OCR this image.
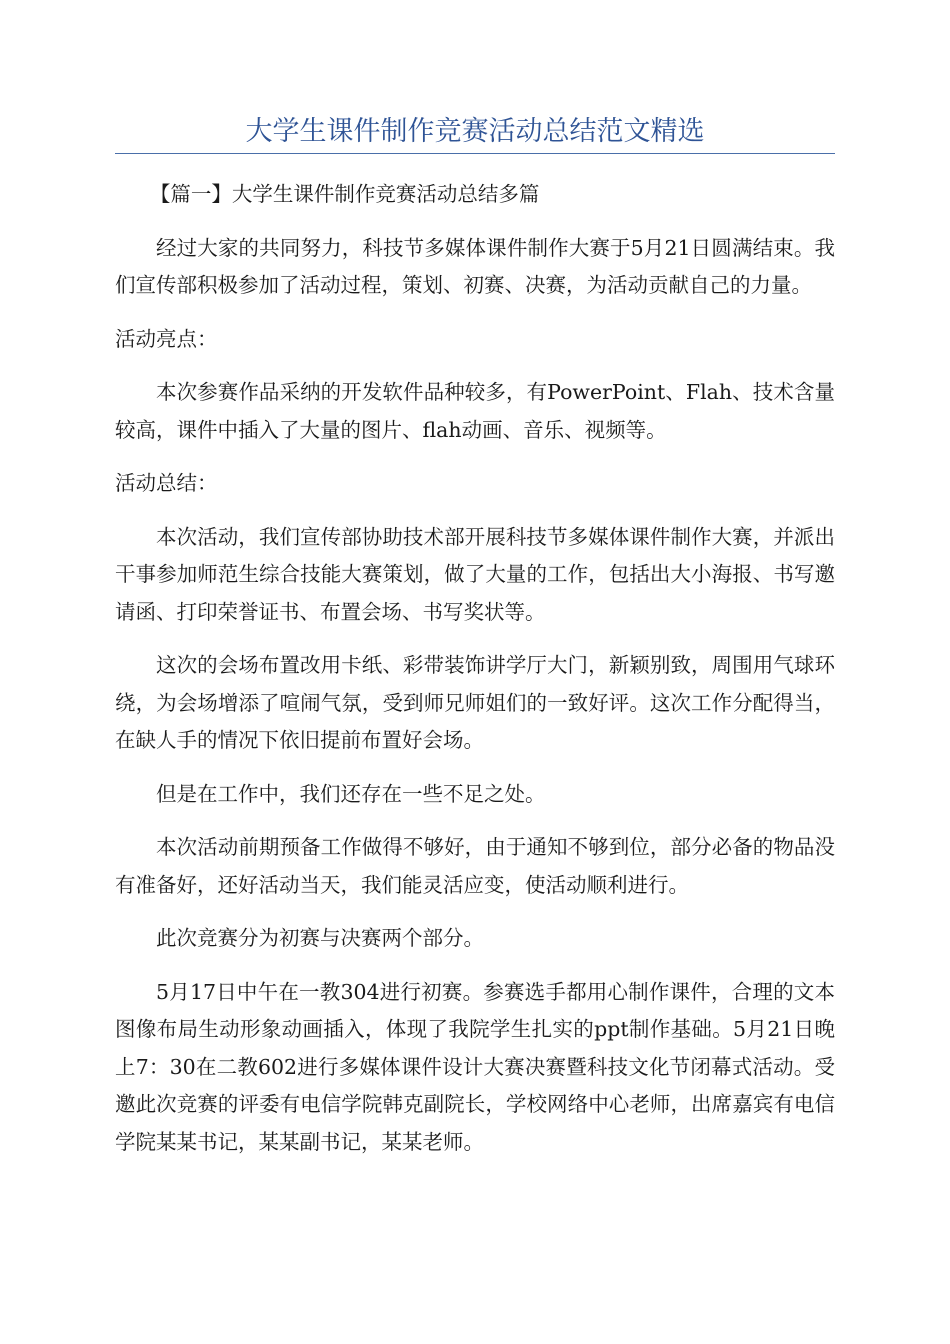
大学生课件制作竞赛活动总结范文精选

【篇一】大学生课件制作竞赛活动总结多篇

经过大家的共同努力，科技节多媒体课件制作大赛于5月21日圆满结束。我们宣传部积极参加了活动过程，策划、初赛、决赛，为活动贡献自己的力量。

活动亮点：

本次参赛作品采纳的开发软件品种较多，有PowerPoint、Flah、技术含量较高，课件中插入了大量的图片、flah动画、音乐、视频等。

活动总结：

本次活动，我们宣传部协助技术部开展科技节多媒体课件制作大赛，并派出干事参加师范生综合技能大赛策划，做了大量的工作，包括出大小海报、书写邀请函、打印荣誉证书、布置会场、书写奖状等。

这次的会场布置改用卡纸、彩带装饰讲学厅大门，新颖别致，周围用气球环绕，为会场增添了喧闹气氛，受到师兄师姐们的一致好评。这次工作分配得当，在缺人手的情况下依旧提前布置好会场。

但是在工作中，我们还存在一些不足之处。

本次活动前期预备工作做得不够好，由于通知不够到位，部分必备的物品没有准备好，还好活动当天，我们能灵活应变，使活动顺利进行。

此次竞赛分为初赛与决赛两个部分。

5月17日中午在一教304进行初赛。参赛选手都用心制作课件，合理的文本图像布局生动形象动画插入，体现了我院学生扎实的ppt制作基础。5月21日晚上7：30在二教602进行多媒体课件设计大赛决赛暨科技文化节闭幕式活动。受邀此次竞赛的评委有电信学院韩克副院长，学校网络中心老师，出席嘉宾有电信学院某某书记，某某副书记，某某老师。
